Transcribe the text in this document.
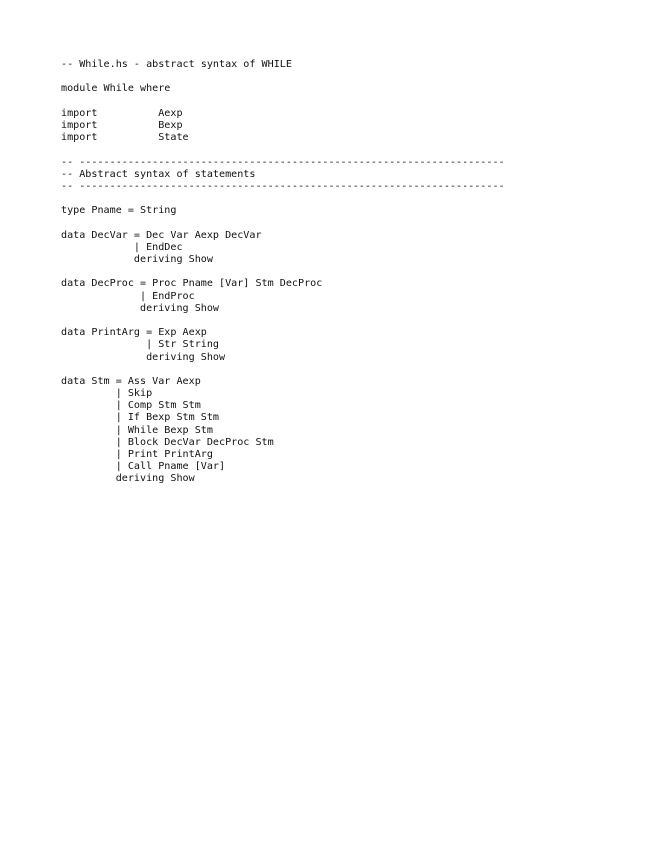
-- While.hs - abstract syntax of WHILE
module While where
import          Aexp
import          Bexp
import          State
-- ----------------------------------------------------------------------
-- Abstract syntax of statements
-- ----------------------------------------------------------------------
type Pname = String
data DecVar = Dec Var Aexp DecVar
| EndDec
deriving Show
data DecProc = Proc Pname [Var] Stm DecProc
| EndProc
deriving Show
data PrintArg = Exp Aexp
| Str String
deriving Show
data Stm = Ass Var Aexp
| Skip
| Comp Stm Stm
| If Bexp Stm Stm
| While Bexp Stm
| Block DecVar DecProc Stm
| Print PrintArg
| Call Pname [Var]
deriving Show
